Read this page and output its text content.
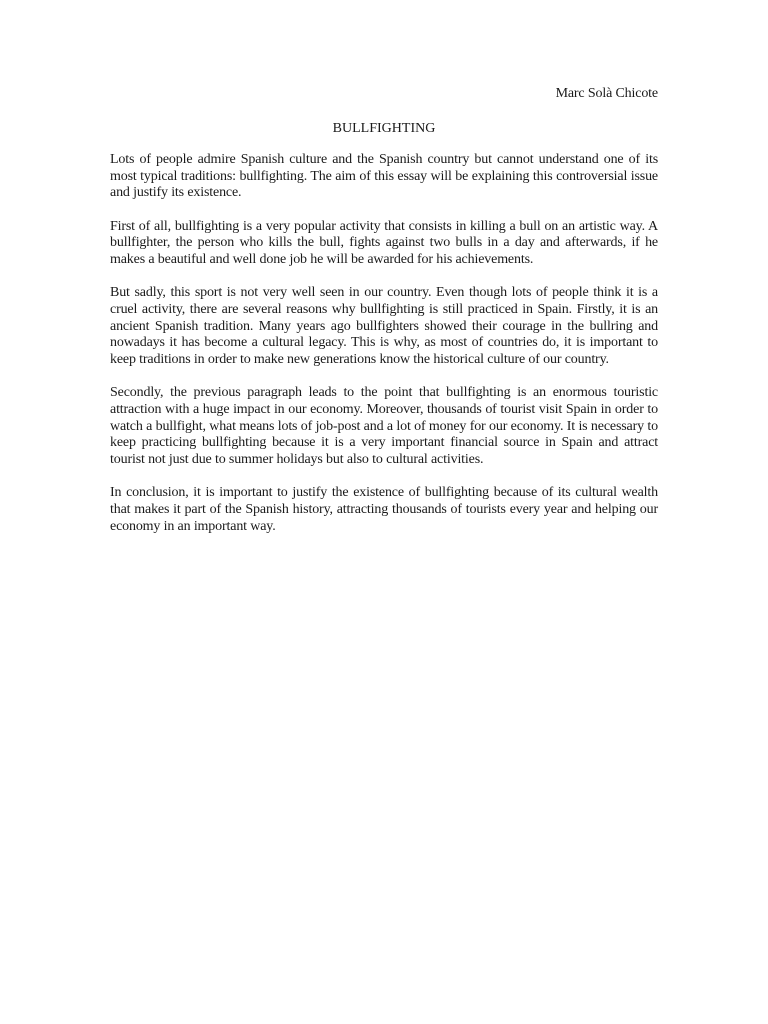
Marc Solà Chicote

BULLFIGHTING

Lots of people admire Spanish culture and the Spanish country but cannot understand one of its most typical traditions: bullfighting. The aim of this essay will be explaining this controversial issue and justify its existence.

First of all, bullfighting is a very popular activity that consists in killing a bull on an artistic way. A bullfighter, the person who kills the bull, fights against two bulls in a day and afterwards, if he makes a beautiful and well done job he will be awarded for his achievements.

But sadly, this sport is not very well seen in our country. Even though lots of people think it is a cruel activity, there are several reasons why bullfighting is still practiced in Spain. Firstly, it is an ancient Spanish tradition. Many years ago bullfighters showed their courage in the bullring and nowadays it has become a cultural legacy. This is why, as most of countries do, it is important to keep traditions in order to make new generations know the historical culture of our country.

Secondly, the previous paragraph leads to the point that bullfighting is an enormous touristic attraction with a huge impact in our economy. Moreover, thousands of tourist visit Spain in order to watch a bullfight, what means lots of job-post and a lot of money for our economy. It is necessary to keep practicing bullfighting because it is a very important financial source in Spain and attract tourist not just due to summer holidays but also to cultural activities.

In conclusion, it is important to justify the existence of bullfighting because of its cultural wealth that makes it part of the Spanish history, attracting thousands of tourists every year and helping our economy in an important way.
